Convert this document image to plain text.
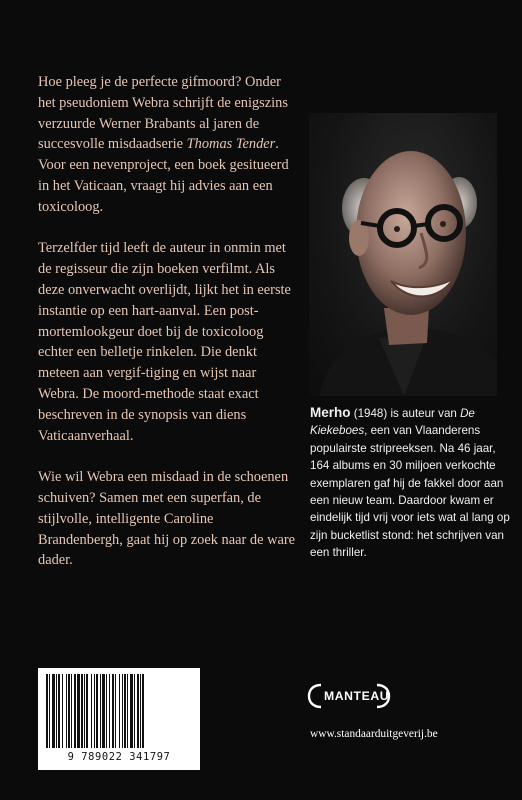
Hoe pleeg je de perfecte gifmoord? Onder het pseudoniem Webra schrijft de enigszins verzuurde Werner Brabants al jaren de succesvolle misdaadserie Thomas Tender. Voor een nevenproject, een boek gesitueerd in het Vaticaan, vraagt hij advies aan een toxicoloog.

Terzelfder tijd leeft de auteur in onmin met de regisseur die zijn boeken verfilmt. Als deze onverwacht overlijdt, lijkt het in eerste instantie op een hart-aanval. Een post-mortemlookgeur doet bij de toxicoloog echter een belletje rinkelen. Die denkt meteen aan vergif-tiging en wijst naar Webra. De moord-methode staat exact beschreven in de synopsis van diens Vaticaanverhaal.

Wie wil Webra een misdaad in de schoenen schuiven? Samen met een superfan, de stijlvolle, intelligente Caroline Brandenbergh, gaat hij op zoek naar de ware dader.

Merho (1948) is auteur van De Kiekeboes, een van Vlaanderens populairste stripreeksen. Na 46 jaar, 164 albums en 30 miljoen verkochte exemplaren gaf hij de fakkel door aan een nieuw team. Daardoor kwam er eindelijk tijd vrij voor iets wat al lang op zijn bucketlist stond: het schrijven van een thriller.
9 789022 341797
MANTEAU
www.standaarduitgeverij.be
